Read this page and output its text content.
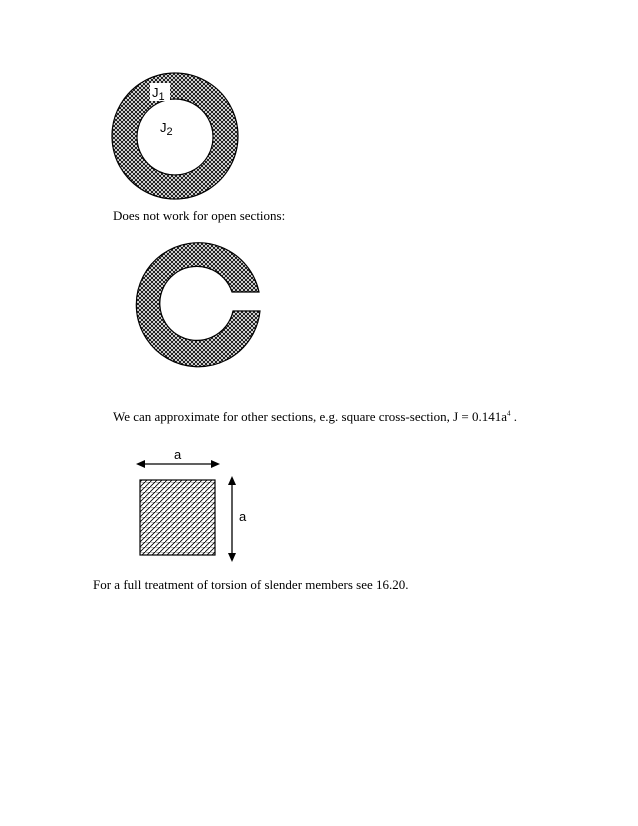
$J_1$
$J_2$
Does not work for open sections:
We can approximate for other sections, e.g. square cross-section, $J = 0.141a^4$ .
a
a
For a full treatment of torsion of slender members see 16.20.
